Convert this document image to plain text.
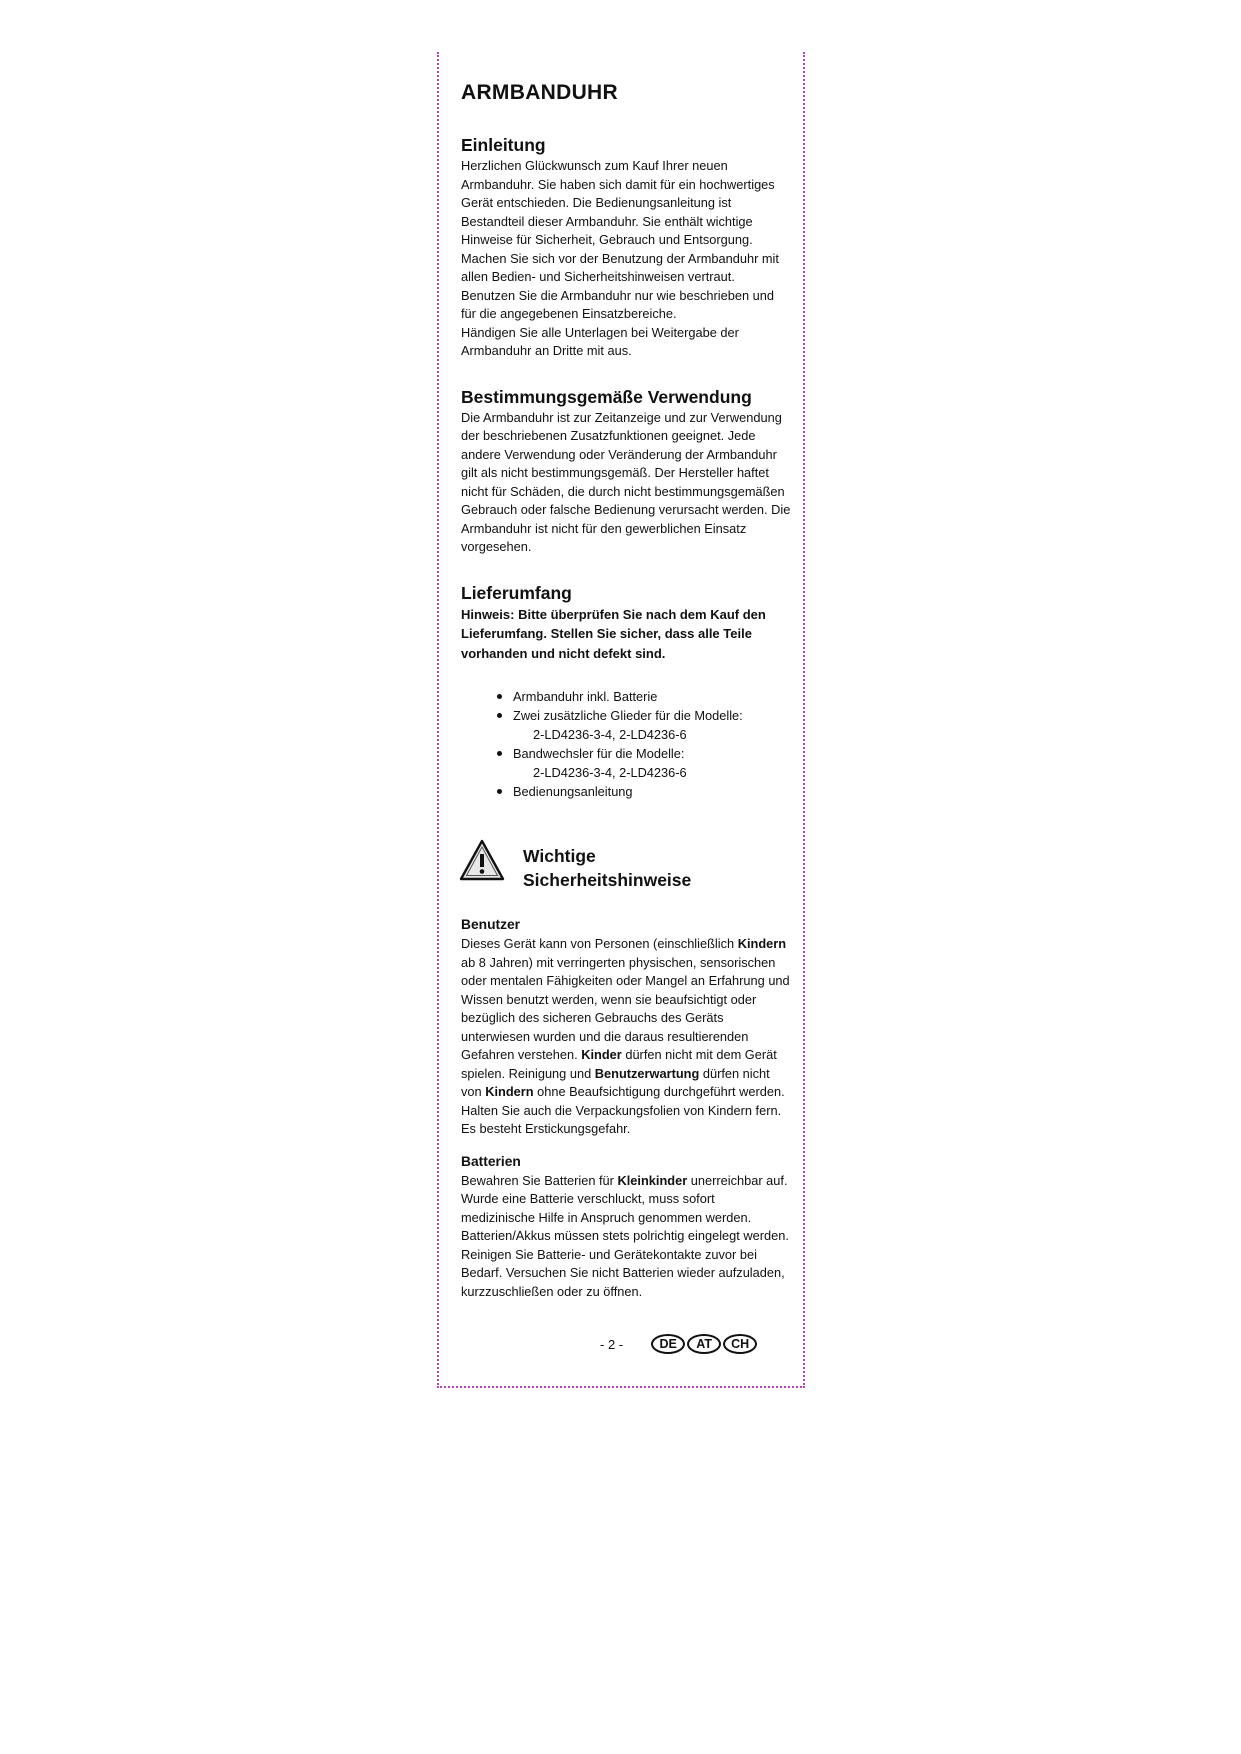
ARMBANDUHR
Einleitung

Herzlichen Glückwunsch zum Kauf Ihrer neuen Armbanduhr. Sie haben sich damit für ein hochwertiges Gerät entschieden. Die Bedienungsanleitung ist Bestandteil dieser Armbanduhr. Sie enthält wichtige Hinweise für Sicherheit, Gebrauch und Entsorgung. Machen Sie sich vor der Benutzung der Armbanduhr mit allen Bedien- und Sicherheitshinweisen vertraut. Benutzen Sie die Armbanduhr nur wie beschrieben und für die angegebenen Einsatzbereiche.
Händigen Sie alle Unterlagen bei Weitergabe der Armbanduhr an Dritte mit aus.

Bestimmungsgemäße Verwendung

Die Armbanduhr ist zur Zeitanzeige und zur Verwendung der beschriebenen Zusatzfunktionen geeignet. Jede andere Verwendung oder Veränderung der Armbanduhr gilt als nicht bestimmungsgemäß. Der Hersteller haftet nicht für Schäden, die durch nicht bestimmungsgemäßen Gebrauch oder falsche Bedienung verursacht werden. Die Armbanduhr ist nicht für den gewerblichen Einsatz vorgesehen.

Lieferumfang

Hinweis: Bitte überprüfen Sie nach dem Kauf den Lieferumfang. Stellen Sie sicher, dass alle Teile vorhanden und nicht defekt sind.

Armbanduhr inkl. Batterie
Zwei zusätzliche Glieder für die Modelle:
2-LD4236-3-4, 2-LD4236-6
Bandwechsler für die Modelle:
2-LD4236-3-4, 2-LD4236-6
Bedienungsanleitung
Wichtige
Sicherheitshinweise
Benutzer

Dieses Gerät kann von Personen (einschließlich Kindern ab 8 Jahren) mit verringerten physischen, sensorischen oder mentalen Fähigkeiten oder Mangel an Erfahrung und Wissen benutzt werden, wenn sie beaufsichtigt oder bezüglich des sicheren Gebrauchs des Geräts unterwiesen wurden und die daraus resultierenden Gefahren verstehen. Kinder dürfen nicht mit dem Gerät spielen. Reinigung und Benutzerwartung dürfen nicht von Kindern ohne Beaufsichtigung durchgeführt werden. Halten Sie auch die Verpackungsfolien von Kindern fern. Es besteht Erstickungsgefahr.

Batterien

Bewahren Sie Batterien für Kleinkinder unerreichbar auf. Wurde eine Batterie verschluckt, muss sofort medizinische Hilfe in Anspruch genommen werden. Batterien/Akkus müssen stets polrichtig eingelegt werden. Reinigen Sie Batterie- und Gerätekontakte zuvor bei Bedarf. Versuchen Sie nicht Batterien wieder aufzuladen, kurzzuschließen oder zu öffnen.

- 2 -	DE	AT	CH
